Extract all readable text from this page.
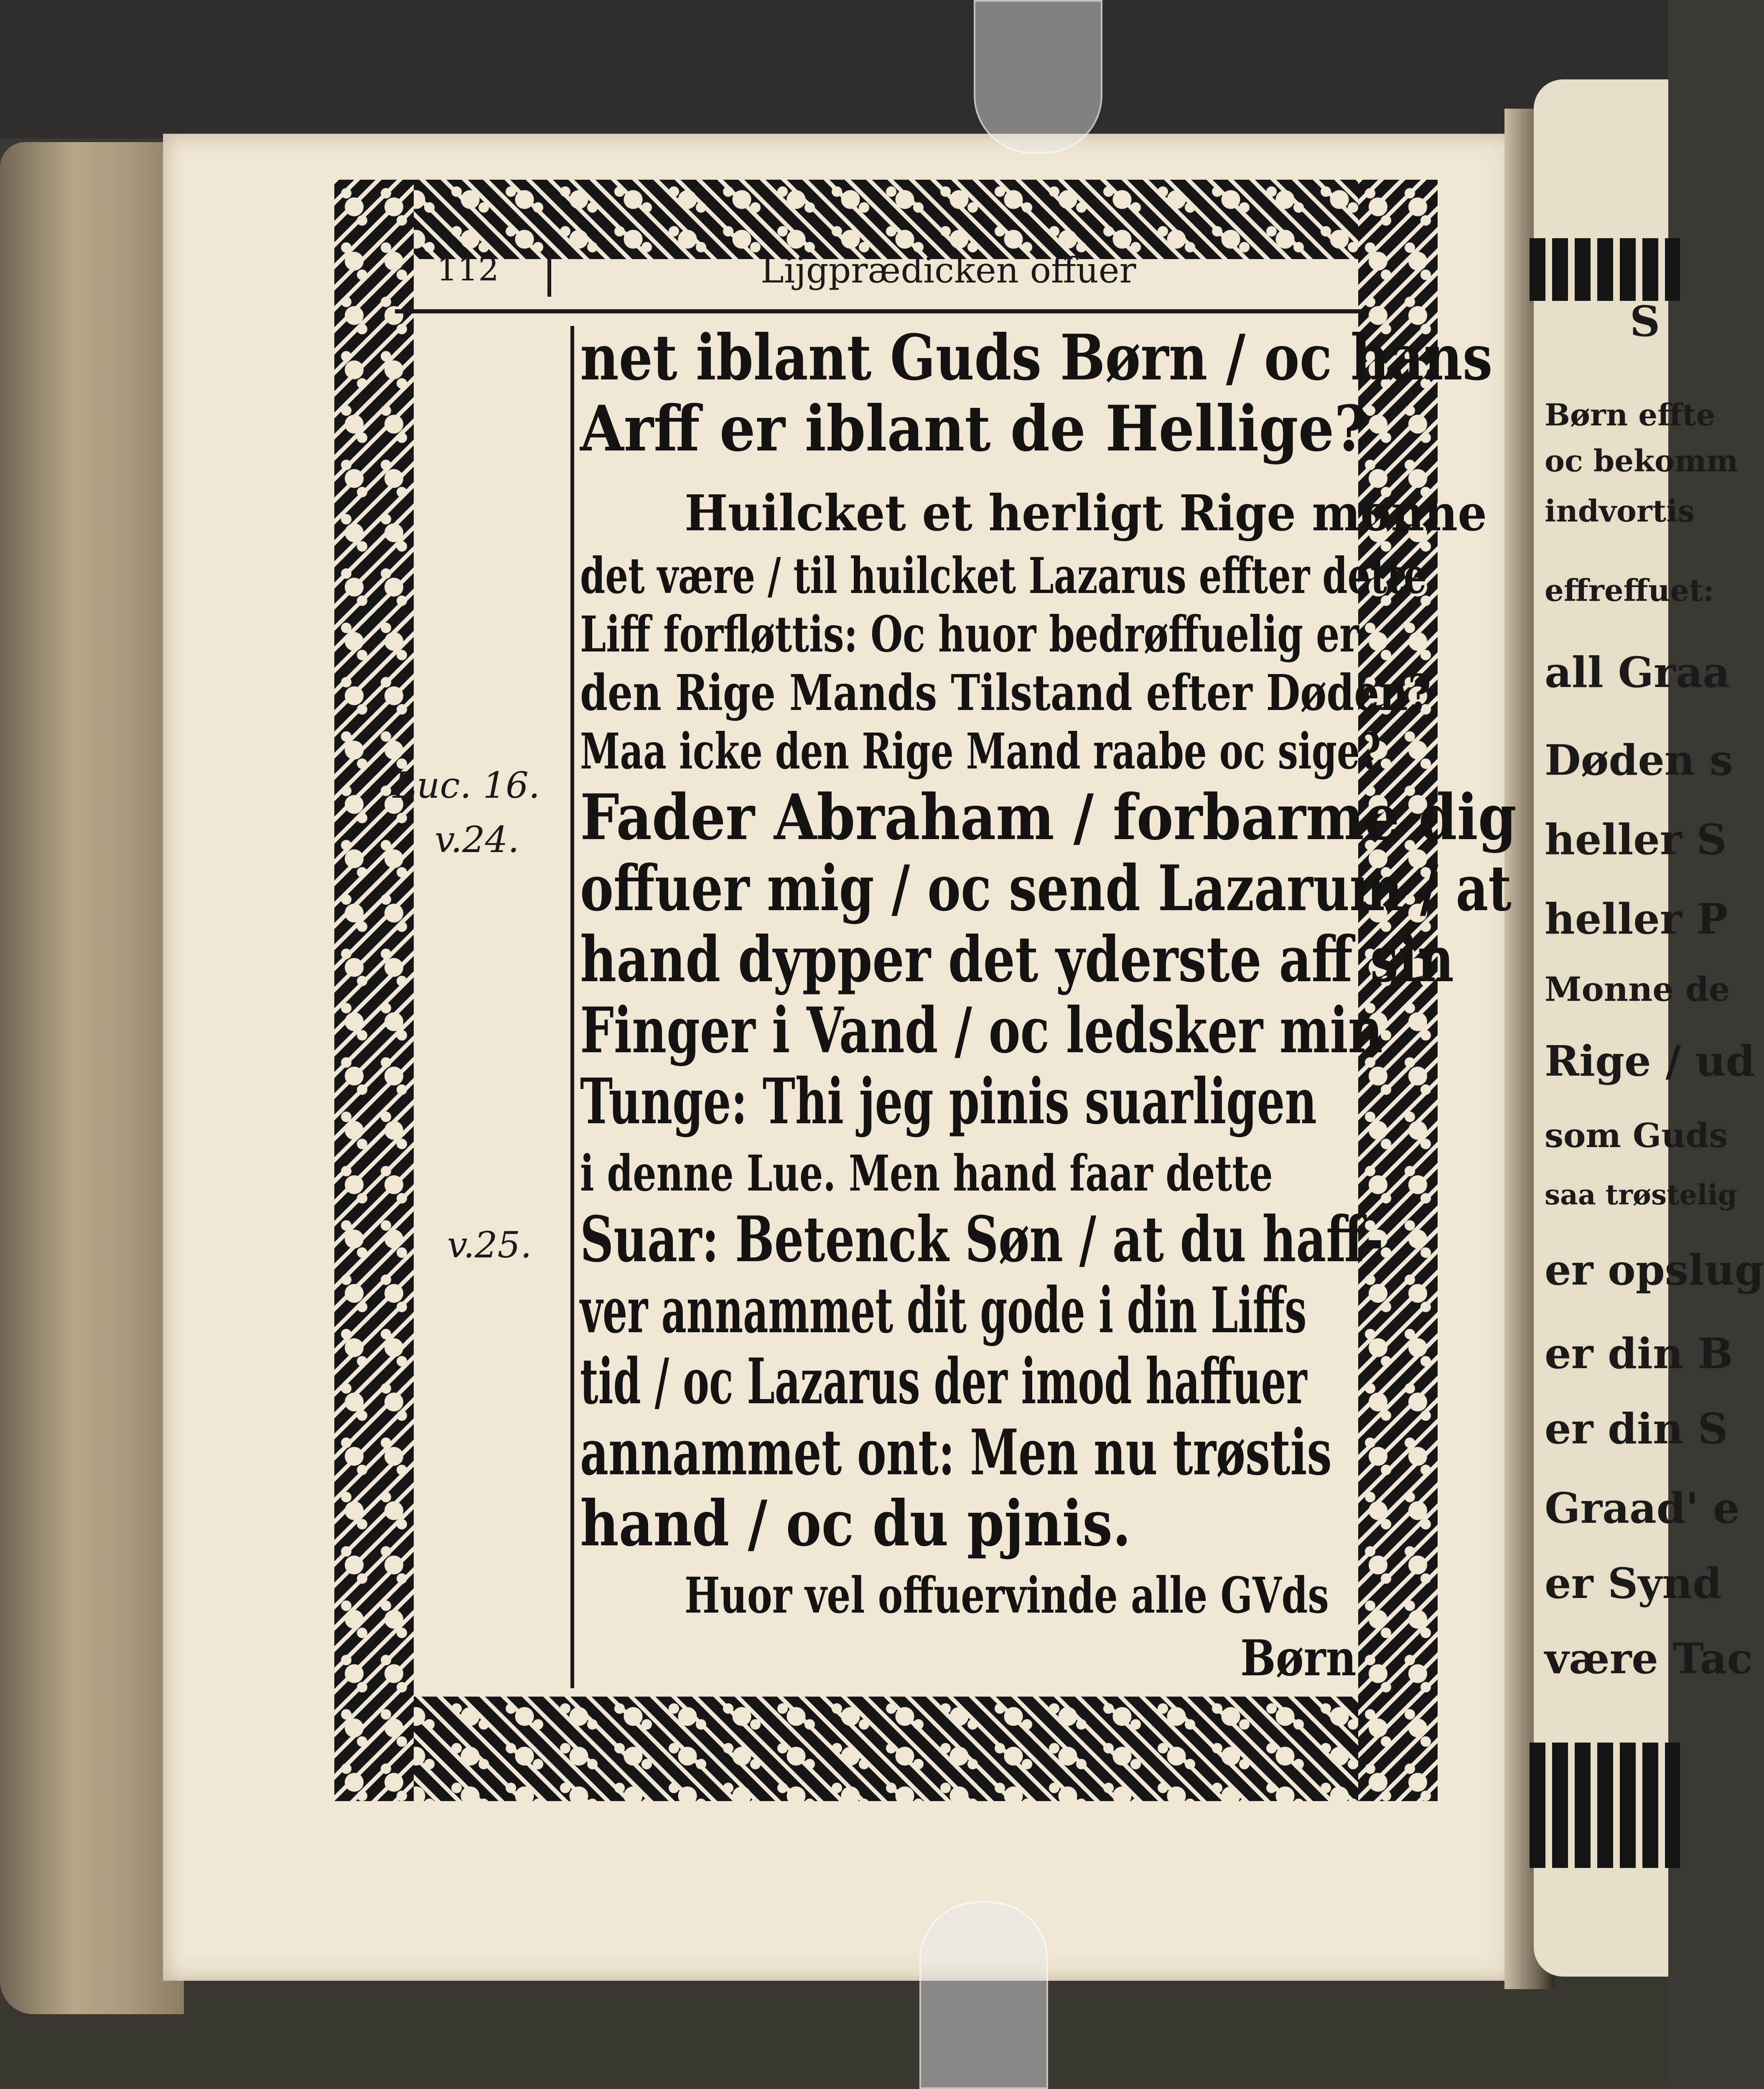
S
Børn effte
oc bekomm
indvortis
effreffuet:
all Graa
Døden s
heller S
heller P
Monne de
Rige / ud
som Guds
saa trøstelig
er opslug
er din B
er din S
Graad' e
er Synd
være Tac
112	Lijgprædicken offuer
Luc. 16.
v.24.
v.25.
net iblant Guds Børn / oc hans
Arff er iblant de Hellige?
Huilcket et herligt Rige monne
det være / til huilcket Lazarus effter dette
Liff forfløttis: Oc huor bedrøffuelig er
den Rige Mands Tilstand efter Døden?
Maa icke den Rige Mand raabe oc sige?
Fader Abraham / forbarme dig
offuer mig / oc send Lazarum / at
hand dypper det yderste aff sin
Finger i Vand / oc ledsker min
Tunge: Thi jeg pinis suarligen
i denne Lue. Men hand faar dette
Suar: Betenck Søn / at du haff-
ver annammet dit gode i din Liffs
tid / oc Lazarus der imod haffuer
annammet ont: Men nu trøstis
hand / oc du pjnis.
Huor vel offuervinde alle GVds
Børn
